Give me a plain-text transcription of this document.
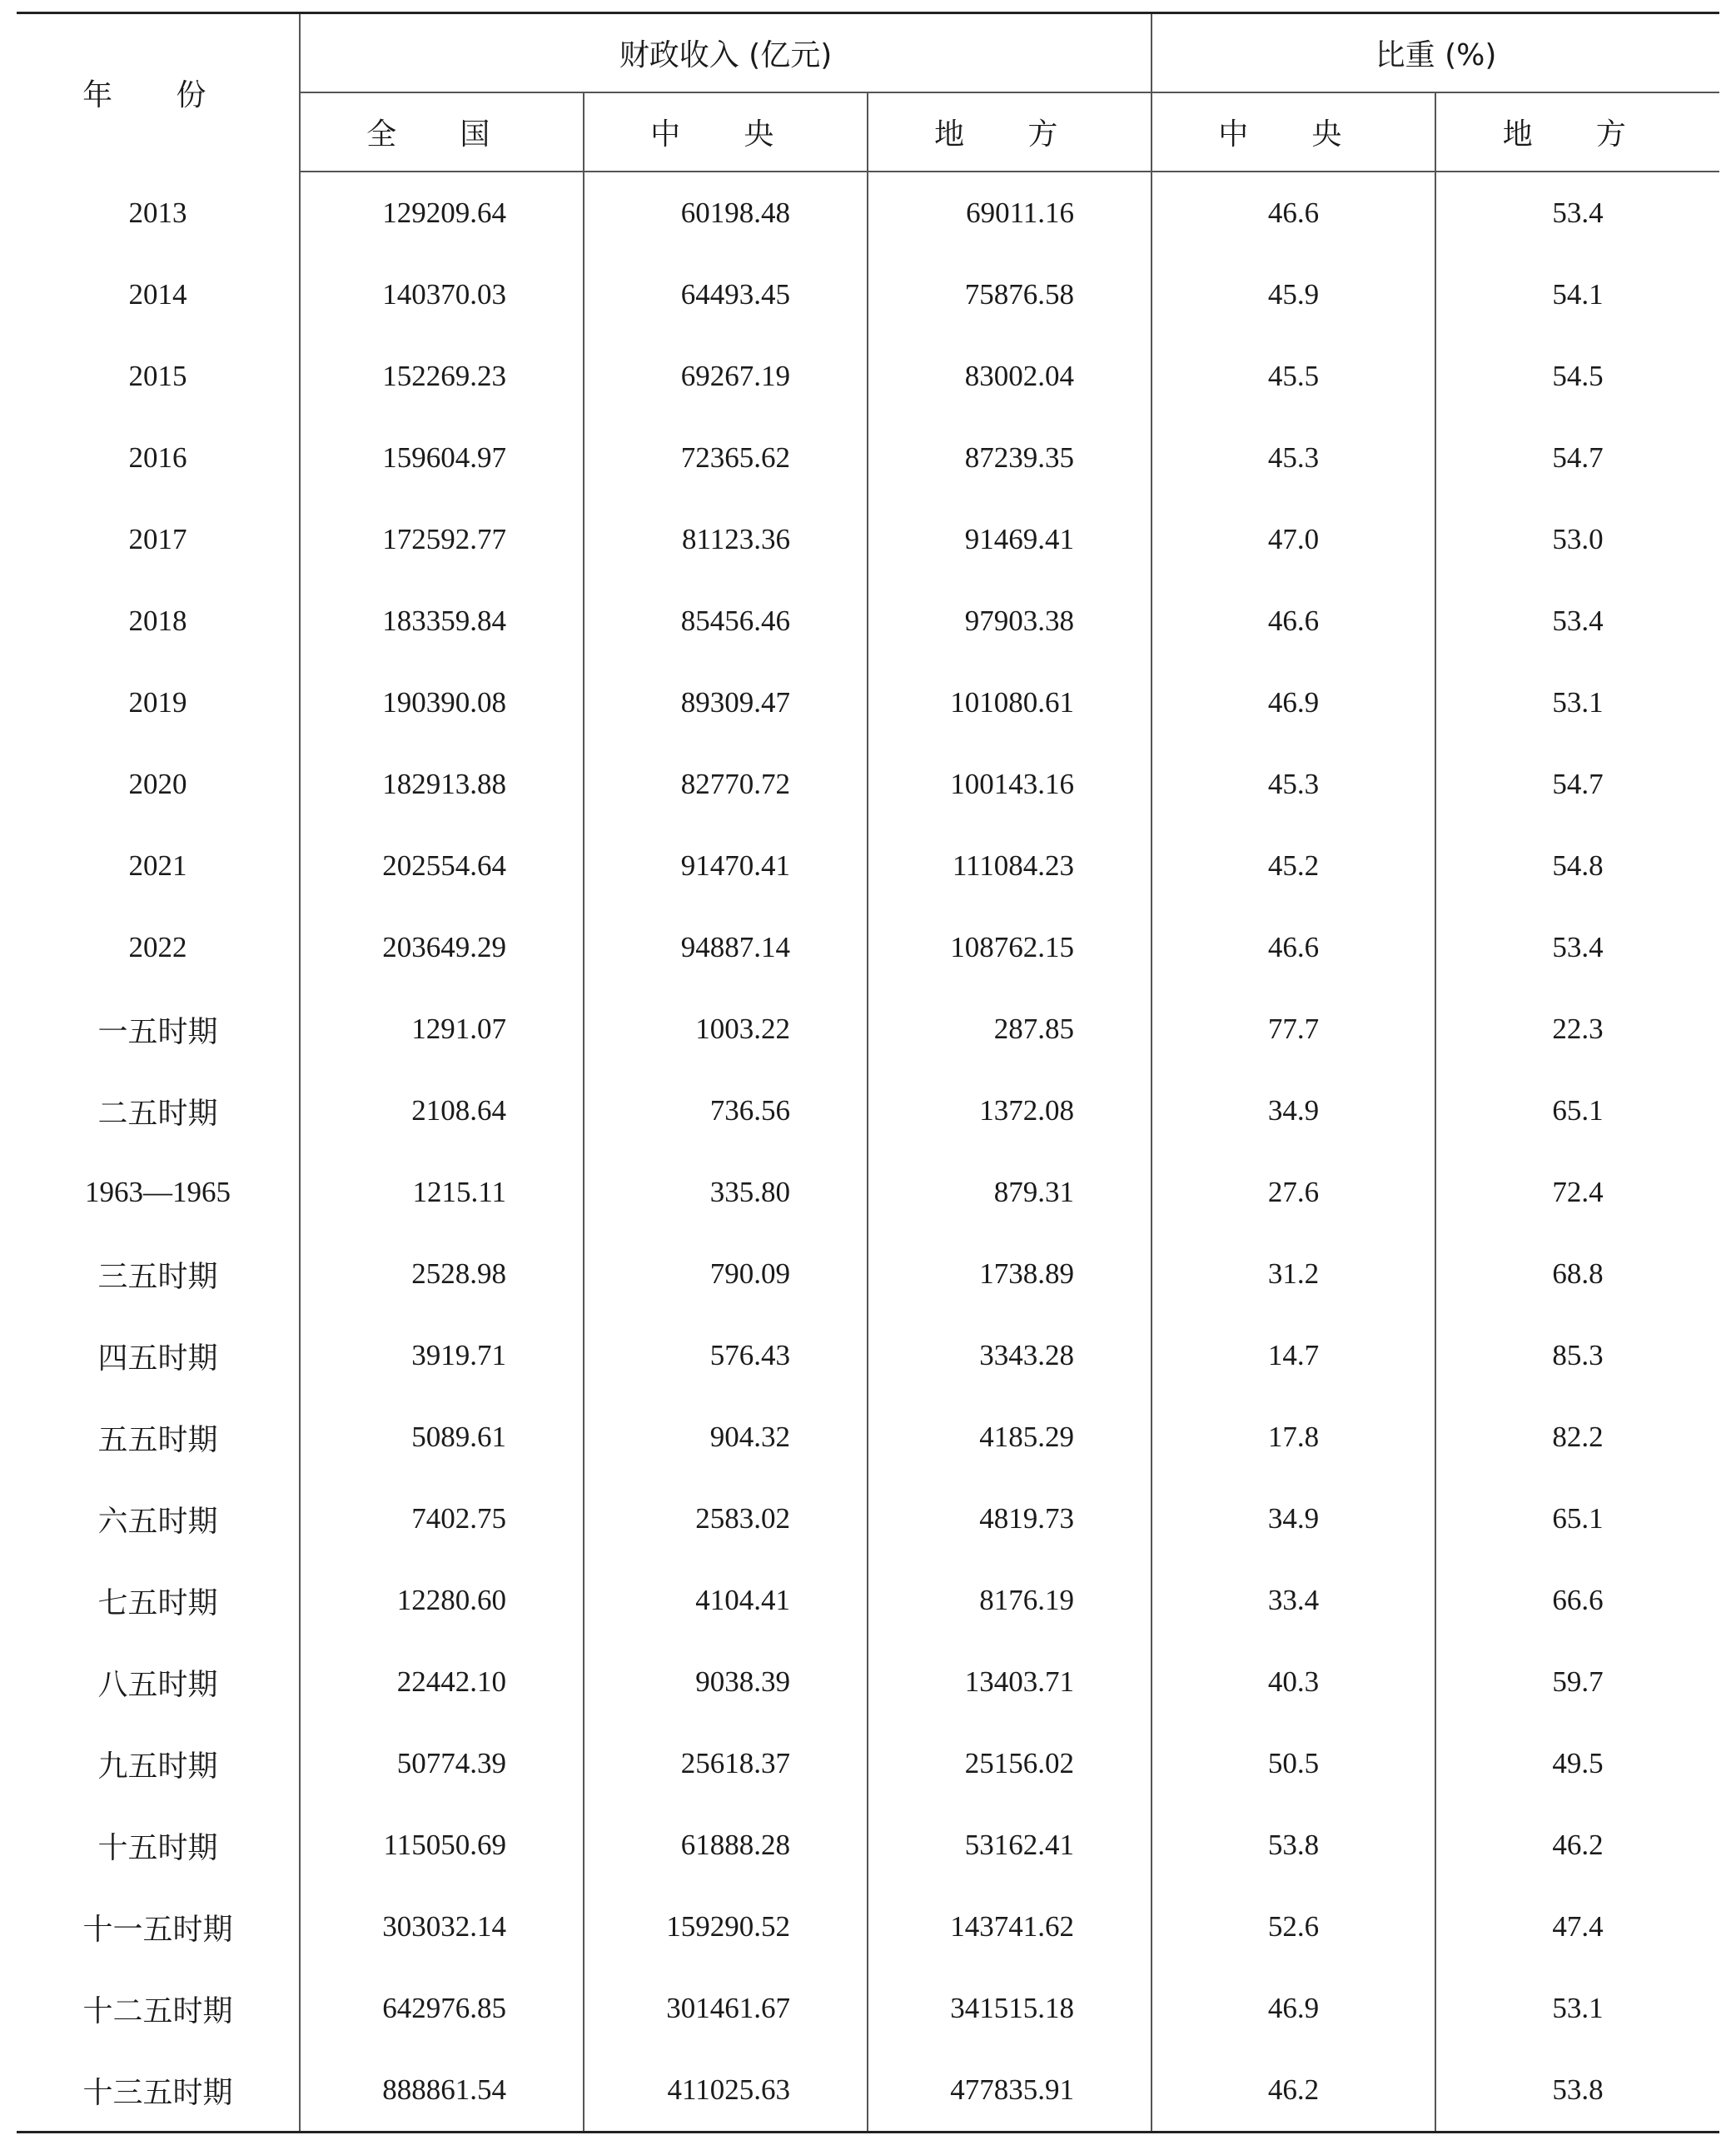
年 份	财政收入 (亿元)			比重 (%)	
	全 国	中 央	地 方	中 央	地 方
2013	129209.64	60198.48	69011.16	46.6	53.4
2014	140370.03	64493.45	75876.58	45.9	54.1
2015	152269.23	69267.19	83002.04	45.5	54.5
2016	159604.97	72365.62	87239.35	45.3	54.7
2017	172592.77	81123.36	91469.41	47.0	53.0
2018	183359.84	85456.46	97903.38	46.6	53.4
2019	190390.08	89309.47	101080.61	46.9	53.1
2020	182913.88	82770.72	100143.16	45.3	54.7
2021	202554.64	91470.41	111084.23	45.2	54.8
2022	203649.29	94887.14	108762.15	46.6	53.4
一五时期	1291.07	1003.22	287.85	77.7	22.3
二五时期	2108.64	736.56	1372.08	34.9	65.1
1963—1965	1215.11	335.80	879.31	27.6	72.4
三五时期	2528.98	790.09	1738.89	31.2	68.8
四五时期	3919.71	576.43	3343.28	14.7	85.3
五五时期	5089.61	904.32	4185.29	17.8	82.2
六五时期	7402.75	2583.02	4819.73	34.9	65.1
七五时期	12280.60	4104.41	8176.19	33.4	66.6
八五时期	22442.10	9038.39	13403.71	40.3	59.7
九五时期	50774.39	25618.37	25156.02	50.5	49.5
十五时期	115050.69	61888.28	53162.41	53.8	46.2
十一五时期	303032.14	159290.52	143741.62	52.6	47.4
十二五时期	642976.85	301461.67	341515.18	46.9	53.1
十三五时期	888861.54	411025.63	477835.91	46.2	53.8
